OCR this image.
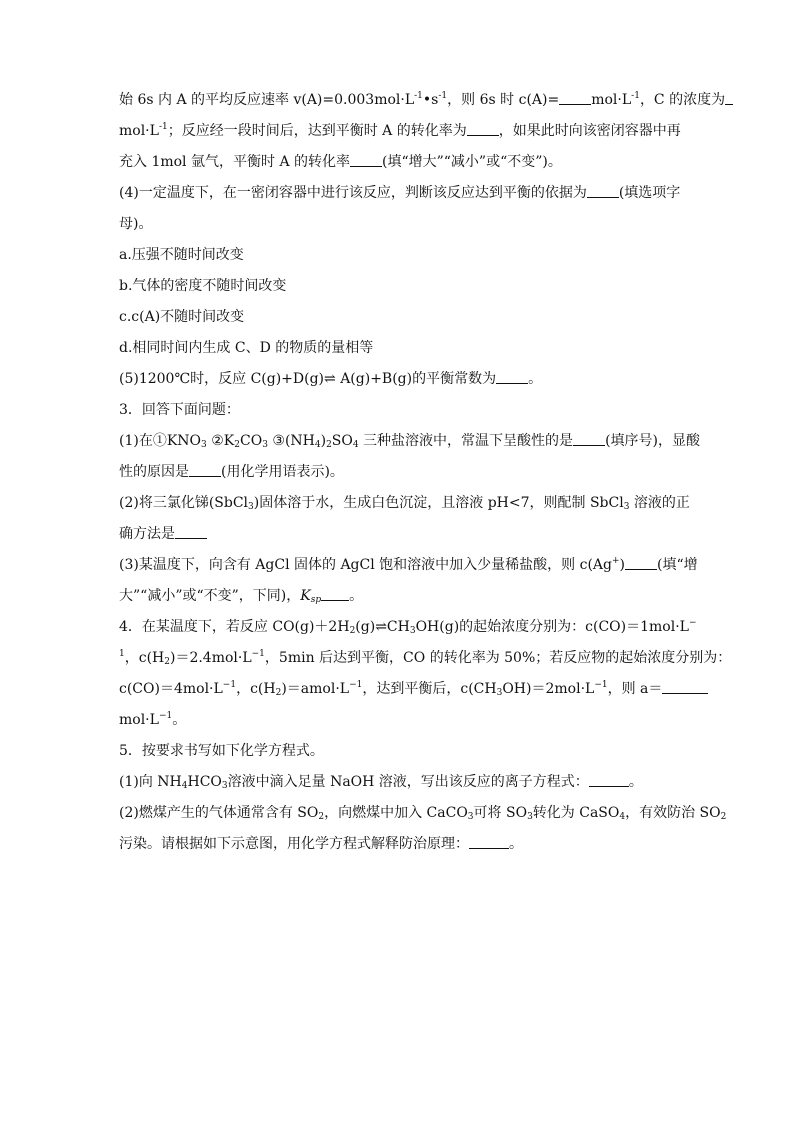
始 6s 内 A 的平均反应速率 $v(A)=0.003mol\cdot L^{-1}•s^{-1}$，则 6s 时 $c(A)= mol\cdot L^{-1}$，C 的浓度为
$mol\cdot L^{-1}$；反应经一段时间后，达到平衡时 A 的转化率为 ，如果此时向该密闭容器中再
充入 1mol 氩气，平衡时 A 的转化率 (填“增大”“减小”或“不变”)。
(4)一定温度下，在一密闭容器中进行该反应，判断该反应达到平衡的依据为 (填选项字
母)。
a.压强不随时间改变
b.气体的密度不随时间改变
c.c(A)不随时间改变
d.相同时间内生成 C、D 的物质的量相等
(5)1200℃时，反应 C(g)+D(g)⇌ A(g)+B(g)的平衡常数为 。
3．回答下面问题：
(1)在$①KNO_3$ $②K_2CO_3$ $③(NH_4)_2SO_4$ 三种盐溶液中，常温下呈酸性的是 (填序号)，显酸
性的原因是 (用化学用语表示)。
(2)将三氯化锑(SbCl$_3$)固体溶于水，生成白色沉淀，且溶液 pH<7，则配制 SbCl$_3$ 溶液的正
确方法是
(3)某温度下，向含有 AgCl 固体的 AgCl 饱和溶液中加入少量稀盐酸，则 c(Ag+) (填“增
大”“减小”或“不变”，下同)，$K_{sp}$ 。
4．在某温度下，若反应 $CO(g)+2H_2(g)\rightleftharpoons CH_3OH(g)$的起始浓度分别为：c(CO)＝1mol·L−
$^1$，$c(H_2)=2.4mol\cdot L^{-1}$，5min 后达到平衡，CO 的转化率为 50%；若反应物的起始浓度分别为：
$c(CO)=4mol\cdot L^{-1}$，$c(H_2)=amol\cdot L^{-1}$，达到平衡后，$c(CH_3OH)=2mol\cdot L^{-1}$，则 a＝
$mol\cdot L^{-1}$。
5．按要求书写如下化学方程式。
(1)向 $NH_4HCO_3$溶液中滴入足量 NaOH 溶液，写出该反应的离子方程式：	。
(2)燃煤产生的气体通常含有 $SO_2$，向燃煤中加入 CaCO$_3$可将 $SO_3$转化为 CaSO$_4$，有效防治 $SO_2$
污染。请根据如下示意图，用化学方程式解释防治原理：	。
